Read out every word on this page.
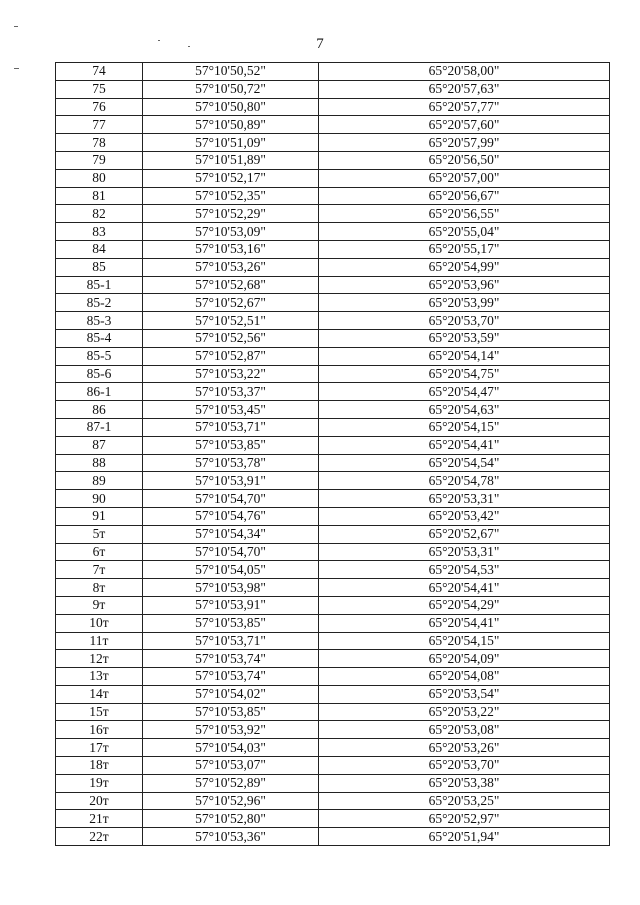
7
74	57°10'50,52"	65°20'58,00"
75	57°10'50,72"	65°20'57,63"
76	57°10'50,80"	65°20'57,77"
77	57°10'50,89"	65°20'57,60"
78	57°10'51,09"	65°20'57,99"
79	57°10'51,89"	65°20'56,50"
80	57°10'52,17"	65°20'57,00"
81	57°10'52,35"	65°20'56,67"
82	57°10'52,29"	65°20'56,55"
83	57°10'53,09"	65°20'55,04"
84	57°10'53,16"	65°20'55,17"
85	57°10'53,26"	65°20'54,99"
85-1	57°10'52,68"	65°20'53,96"
85-2	57°10'52,67"	65°20'53,99"
85-3	57°10'52,51"	65°20'53,70"
85-4	57°10'52,56"	65°20'53,59"
85-5	57°10'52,87"	65°20'54,14"
85-6	57°10'53,22"	65°20'54,75"
86-1	57°10'53,37"	65°20'54,47"
86	57°10'53,45"	65°20'54,63"
87-1	57°10'53,71"	65°20'54,15"
87	57°10'53,85"	65°20'54,41"
88	57°10'53,78"	65°20'54,54"
89	57°10'53,91"	65°20'54,78"
90	57°10'54,70"	65°20'53,31"
91	57°10'54,76"	65°20'53,42"
5т	57°10'54,34"	65°20'52,67"
6т	57°10'54,70"	65°20'53,31"
7т	57°10'54,05"	65°20'54,53"
8т	57°10'53,98"	65°20'54,41"
9т	57°10'53,91"	65°20'54,29"
10т	57°10'53,85"	65°20'54,41"
11т	57°10'53,71"	65°20'54,15"
12т	57°10'53,74"	65°20'54,09"
13т	57°10'53,74"	65°20'54,08"
14т	57°10'54,02"	65°20'53,54"
15т	57°10'53,85"	65°20'53,22"
16т	57°10'53,92"	65°20'53,08"
17т	57°10'54,03"	65°20'53,26"
18т	57°10'53,07"	65°20'53,70"
19т	57°10'52,89"	65°20'53,38"
20т	57°10'52,96"	65°20'53,25"
21т	57°10'52,80"	65°20'52,97"
22т	57°10'53,36"	65°20'51,94"
